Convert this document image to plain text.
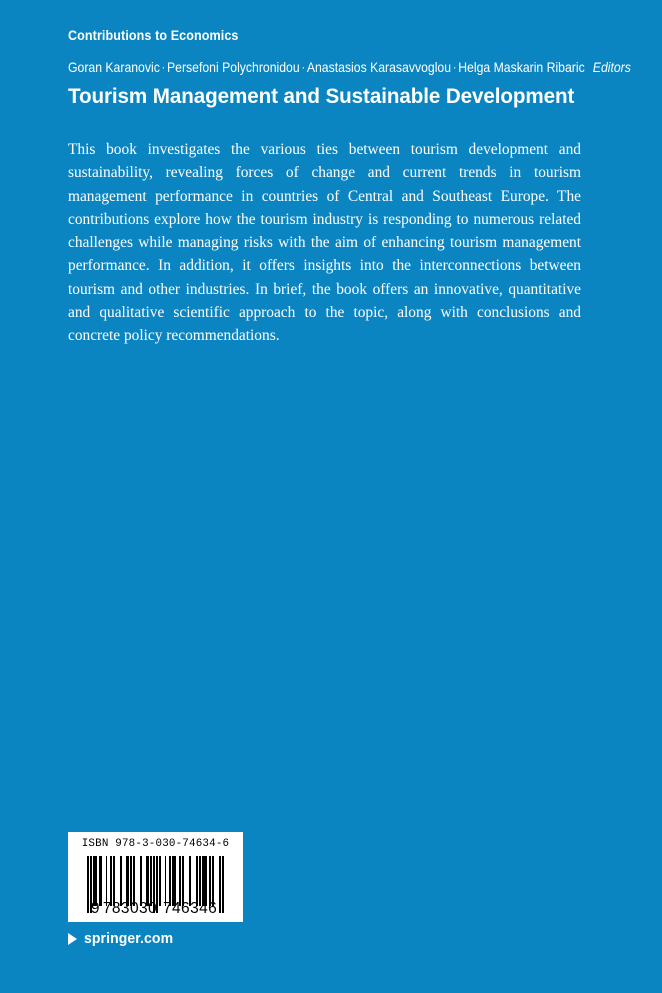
Contributions to Economics
Goran Karanovic · Persefoni Polychronidou · Anastasios Karasavvoglou · Helga Maskarin Ribaric Editors
Tourism Management and Sustainable Development

This book investigates the various ties between tourism development and sustainability, revealing forces of change and current trends in tourism management performance in countries of Central and Southeast Europe. The contributions explore how the tourism industry is responding to numerous related challenges while managing risks with the aim of enhancing tourism management performance. In addition, it offers insights into the interconnections between tourism and other industries. In brief, the book offers an innovative, quantitative and qualitative scientific approach to the topic, along with conclusions and concrete policy recommendations.

ISBN 978-3-030-74634-6
9 783030 746346
springer.com
